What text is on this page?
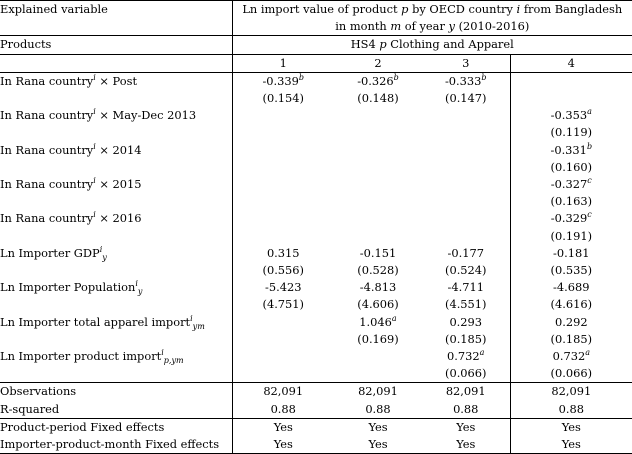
Explained variable	Ln import value of product p by OECD country i from Bangladesh			
	in month m of year y (2010-2016)			
Products	HS4 p Clothing and Apparel			
	1	2	3	4
In Rana country$^i$ × Post	-0.339$^b$	-0.326$^b$	-0.333$^b$	
	(0.154)	(0.148)	(0.147)	
In Rana country$^i$ × May-Dec 2013				-0.353$^a$
				(0.119)
In Rana country$^i$ × 2014				-0.331$^b$
				(0.160)
In Rana country$^i$ × 2015				-0.327$^c$
				(0.163)
In Rana country$^i$ × 2016				-0.329$^c$
				(0.191)
Ln Importer $GDP^i_y$	0.315	-0.151	-0.177	-0.181
	(0.556)	(0.528)	(0.524)	(0.535)
Ln Importer Population$^i_y$	-5.423	-4.813	-4.711	-4.689
	(4.751)	(4.606)	(4.551)	(4.616)
Ln Importer total apparel import$^i_{ym}$		1.046$^a$	0.293	0.292
		(0.169)	(0.185)	(0.185)
Ln Importer product import$^i_{p,ym}$			0.732$^a$	0.732$^a$
			(0.066)	(0.066)
Observations	82,091	82,091	82,091	82,091
R-squared	0.88	0.88	0.88	0.88
Product-period Fixed effects	Yes	Yes	Yes	Yes
Importer-product-month Fixed effects	Yes	Yes	Yes	Yes
